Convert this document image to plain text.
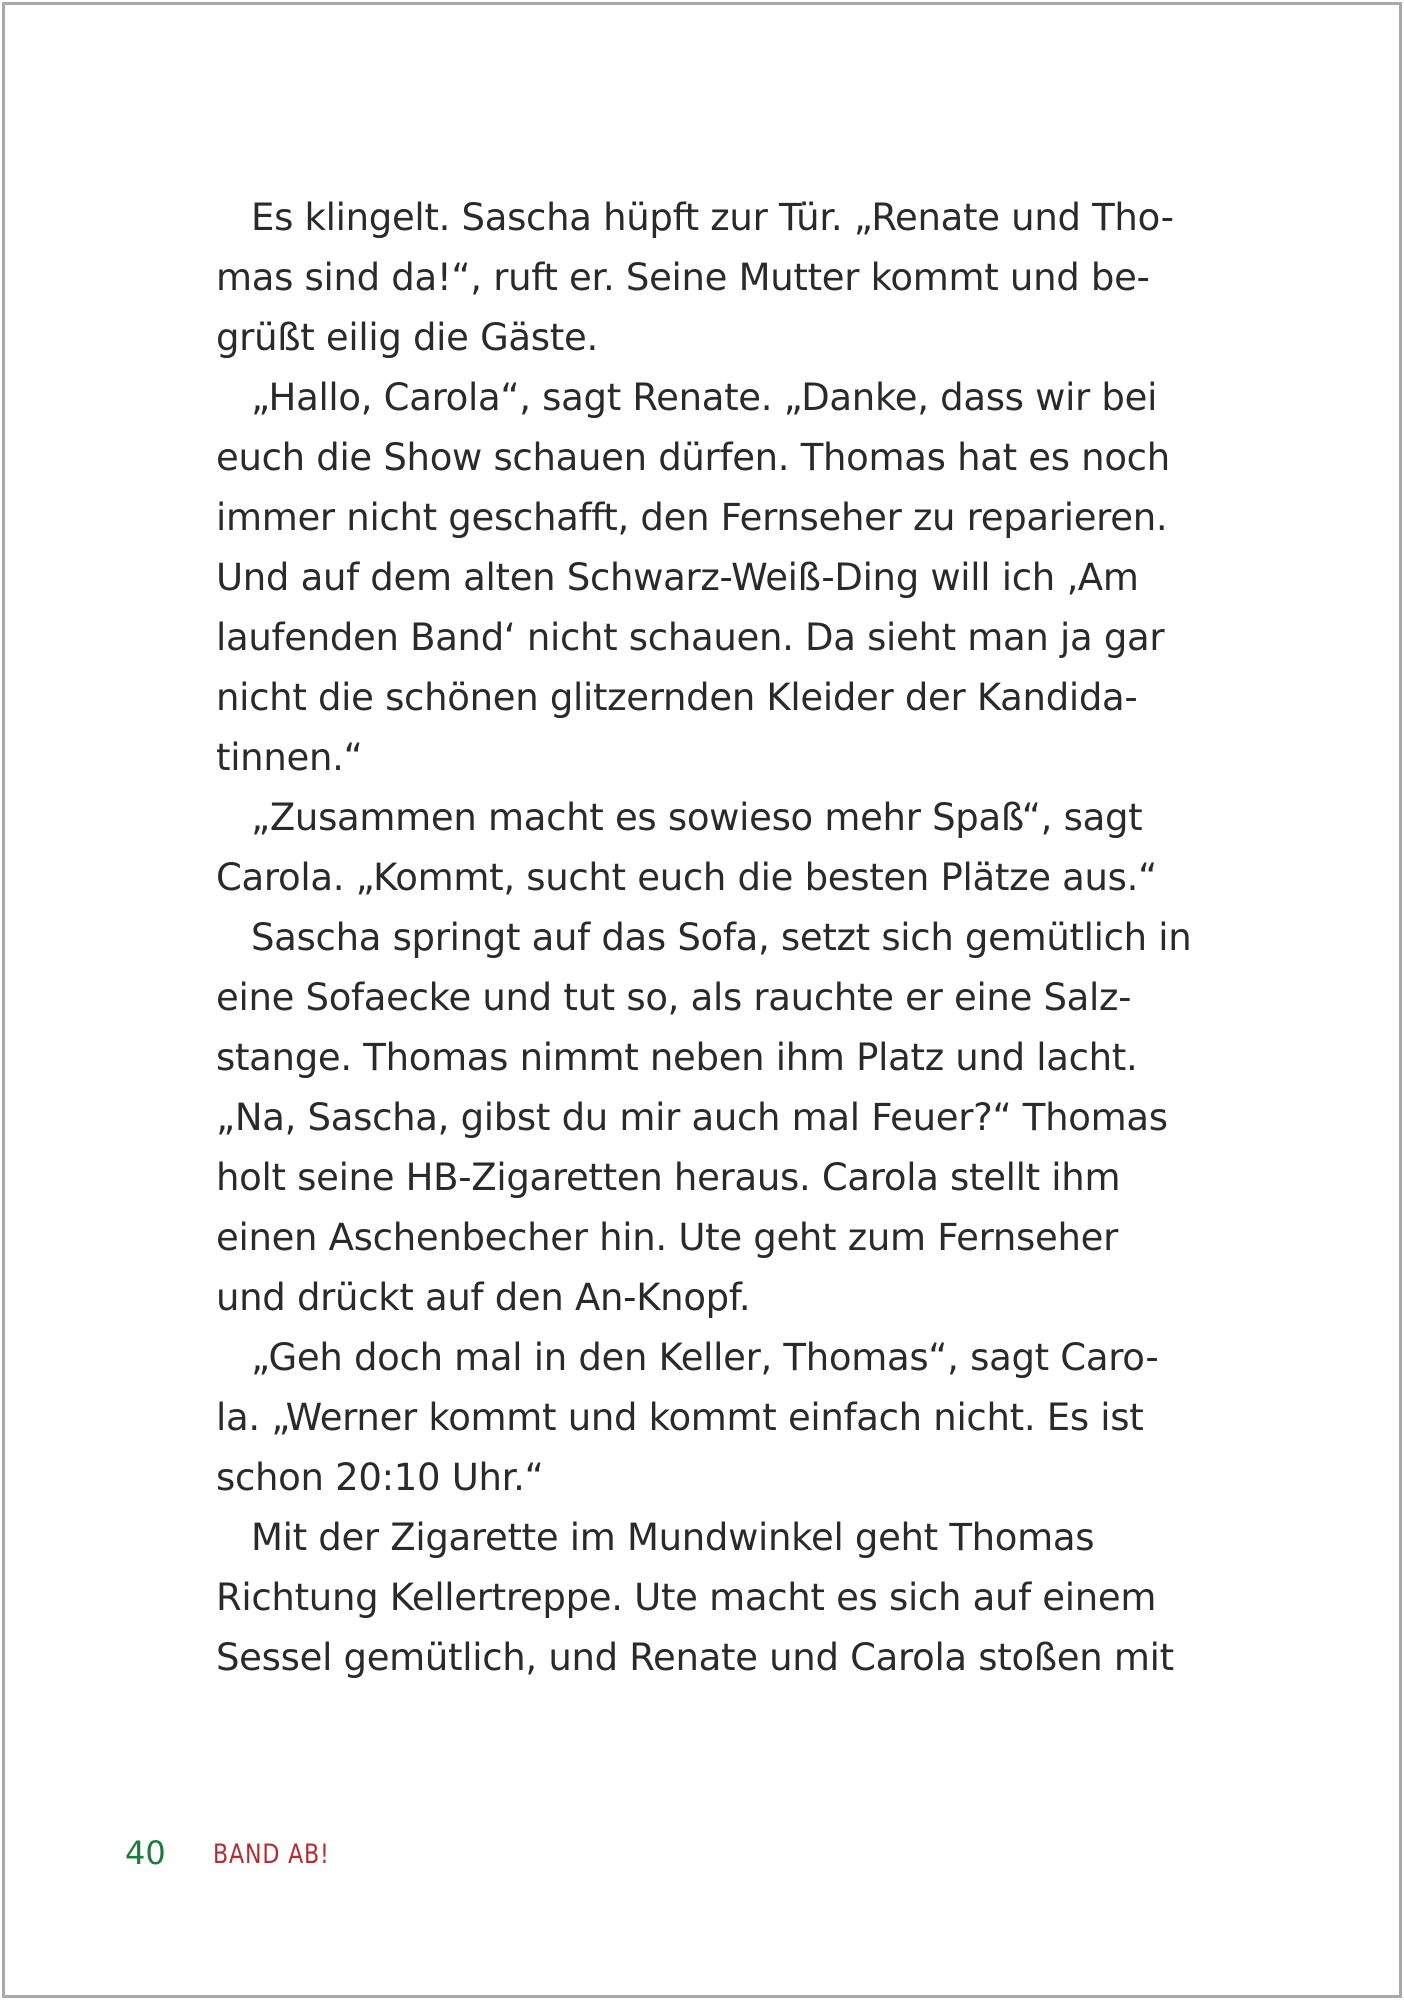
Es klingelt. Sascha hüpft zur Tür. „Renate und Tho-
mas sind da!“, ruft er. Seine Mutter kommt und be-
grüßt eilig die Gäste.
„Hallo, Carola“, sagt Renate. „Danke, dass wir bei
euch die Show schauen dürfen. Thomas hat es noch
immer nicht geschafft, den Fernseher zu reparieren.
Und auf dem alten Schwarz-Weiß-Ding will ich ‚Am
laufenden Band‘ nicht schauen. Da sieht man ja gar
nicht die schönen glitzernden Kleider der Kandida-
tinnen.“
„Zusammen macht es sowieso mehr Spaß“, sagt
Carola. „Kommt, sucht euch die besten Plätze aus.“
Sascha springt auf das Sofa, setzt sich gemütlich in
eine Sofaecke und tut so, als rauchte er eine Salz-
stange. Thomas nimmt neben ihm Platz und lacht.
„Na, Sascha, gibst du mir auch mal Feuer?“ Thomas
holt seine HB-Zigaretten heraus. Carola stellt ihm
einen Aschenbecher hin. Ute geht zum Fernseher
und drückt auf den An-Knopf.
„Geh doch mal in den Keller, Thomas“, sagt Caro-
la. „Werner kommt und kommt einfach nicht. Es ist
schon 20:10 Uhr.“
Mit der Zigarette im Mundwinkel geht Thomas
Richtung Kellertreppe. Ute macht es sich auf einem
Sessel gemütlich, und Renate und Carola stoßen mit
40 BAND AB!
